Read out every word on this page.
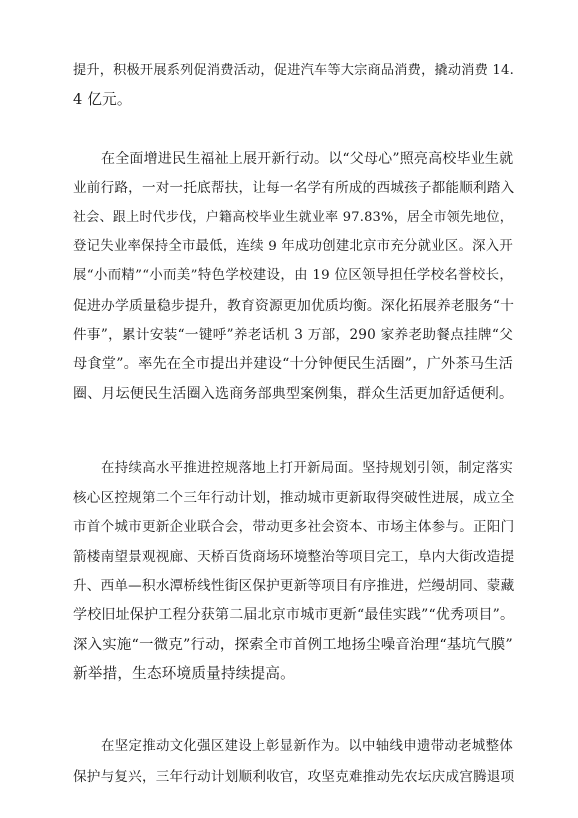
提升，积极开展系列促消费活动，促进汽车等大宗商品消费，撬动消费 14.
4 亿元。
在全面增进民生福祉上展开新行动。以“父母心”照亮高校毕业生就
业前行路，一对一托底帮扶，让每一名学有所成的西城孩子都能顺利踏入
社会、跟上时代步伐，户籍高校毕业生就业率 97.83%，居全市领先地位，
登记失业率保持全市最低，连续 9 年成功创建北京市充分就业区。深入开
展“小而精”“小而美”特色学校建设，由 19 位区领导担任学校名誉校长，
促进办学质量稳步提升，教育资源更加优质均衡。深化拓展养老服务“十
件事”，累计安装“一键呼”养老话机 3 万部，290 家养老助餐点挂牌“父
母食堂”。率先在全市提出并建设“十分钟便民生活圈”，广外茶马生活
圈、月坛便民生活圈入选商务部典型案例集，群众生活更加舒适便利。
在持续高水平推进控规落地上打开新局面。坚持规划引领，制定落实
核心区控规第二个三年行动计划，推动城市更新取得突破性进展，成立全
市首个城市更新企业联合会，带动更多社会资本、市场主体参与。正阳门
箭楼南望景观视廊、天桥百货商场环境整治等项目完工，阜内大街改造提
升、西单—积水潭桥线性街区保护更新等项目有序推进，烂缦胡同、蒙藏
学校旧址保护工程分获第二届北京市城市更新“最佳实践”“优秀项目”。
深入实施“一微克”行动，探索全市首例工地扬尘噪音治理“基坑气膜”
新举措，生态环境质量持续提高。
在坚定推动文化强区建设上彰显新作为。以中轴线申遗带动老城整体
保护与复兴，三年行动计划顺利收官，攻坚克难推动先农坛庆成宫腾退项
